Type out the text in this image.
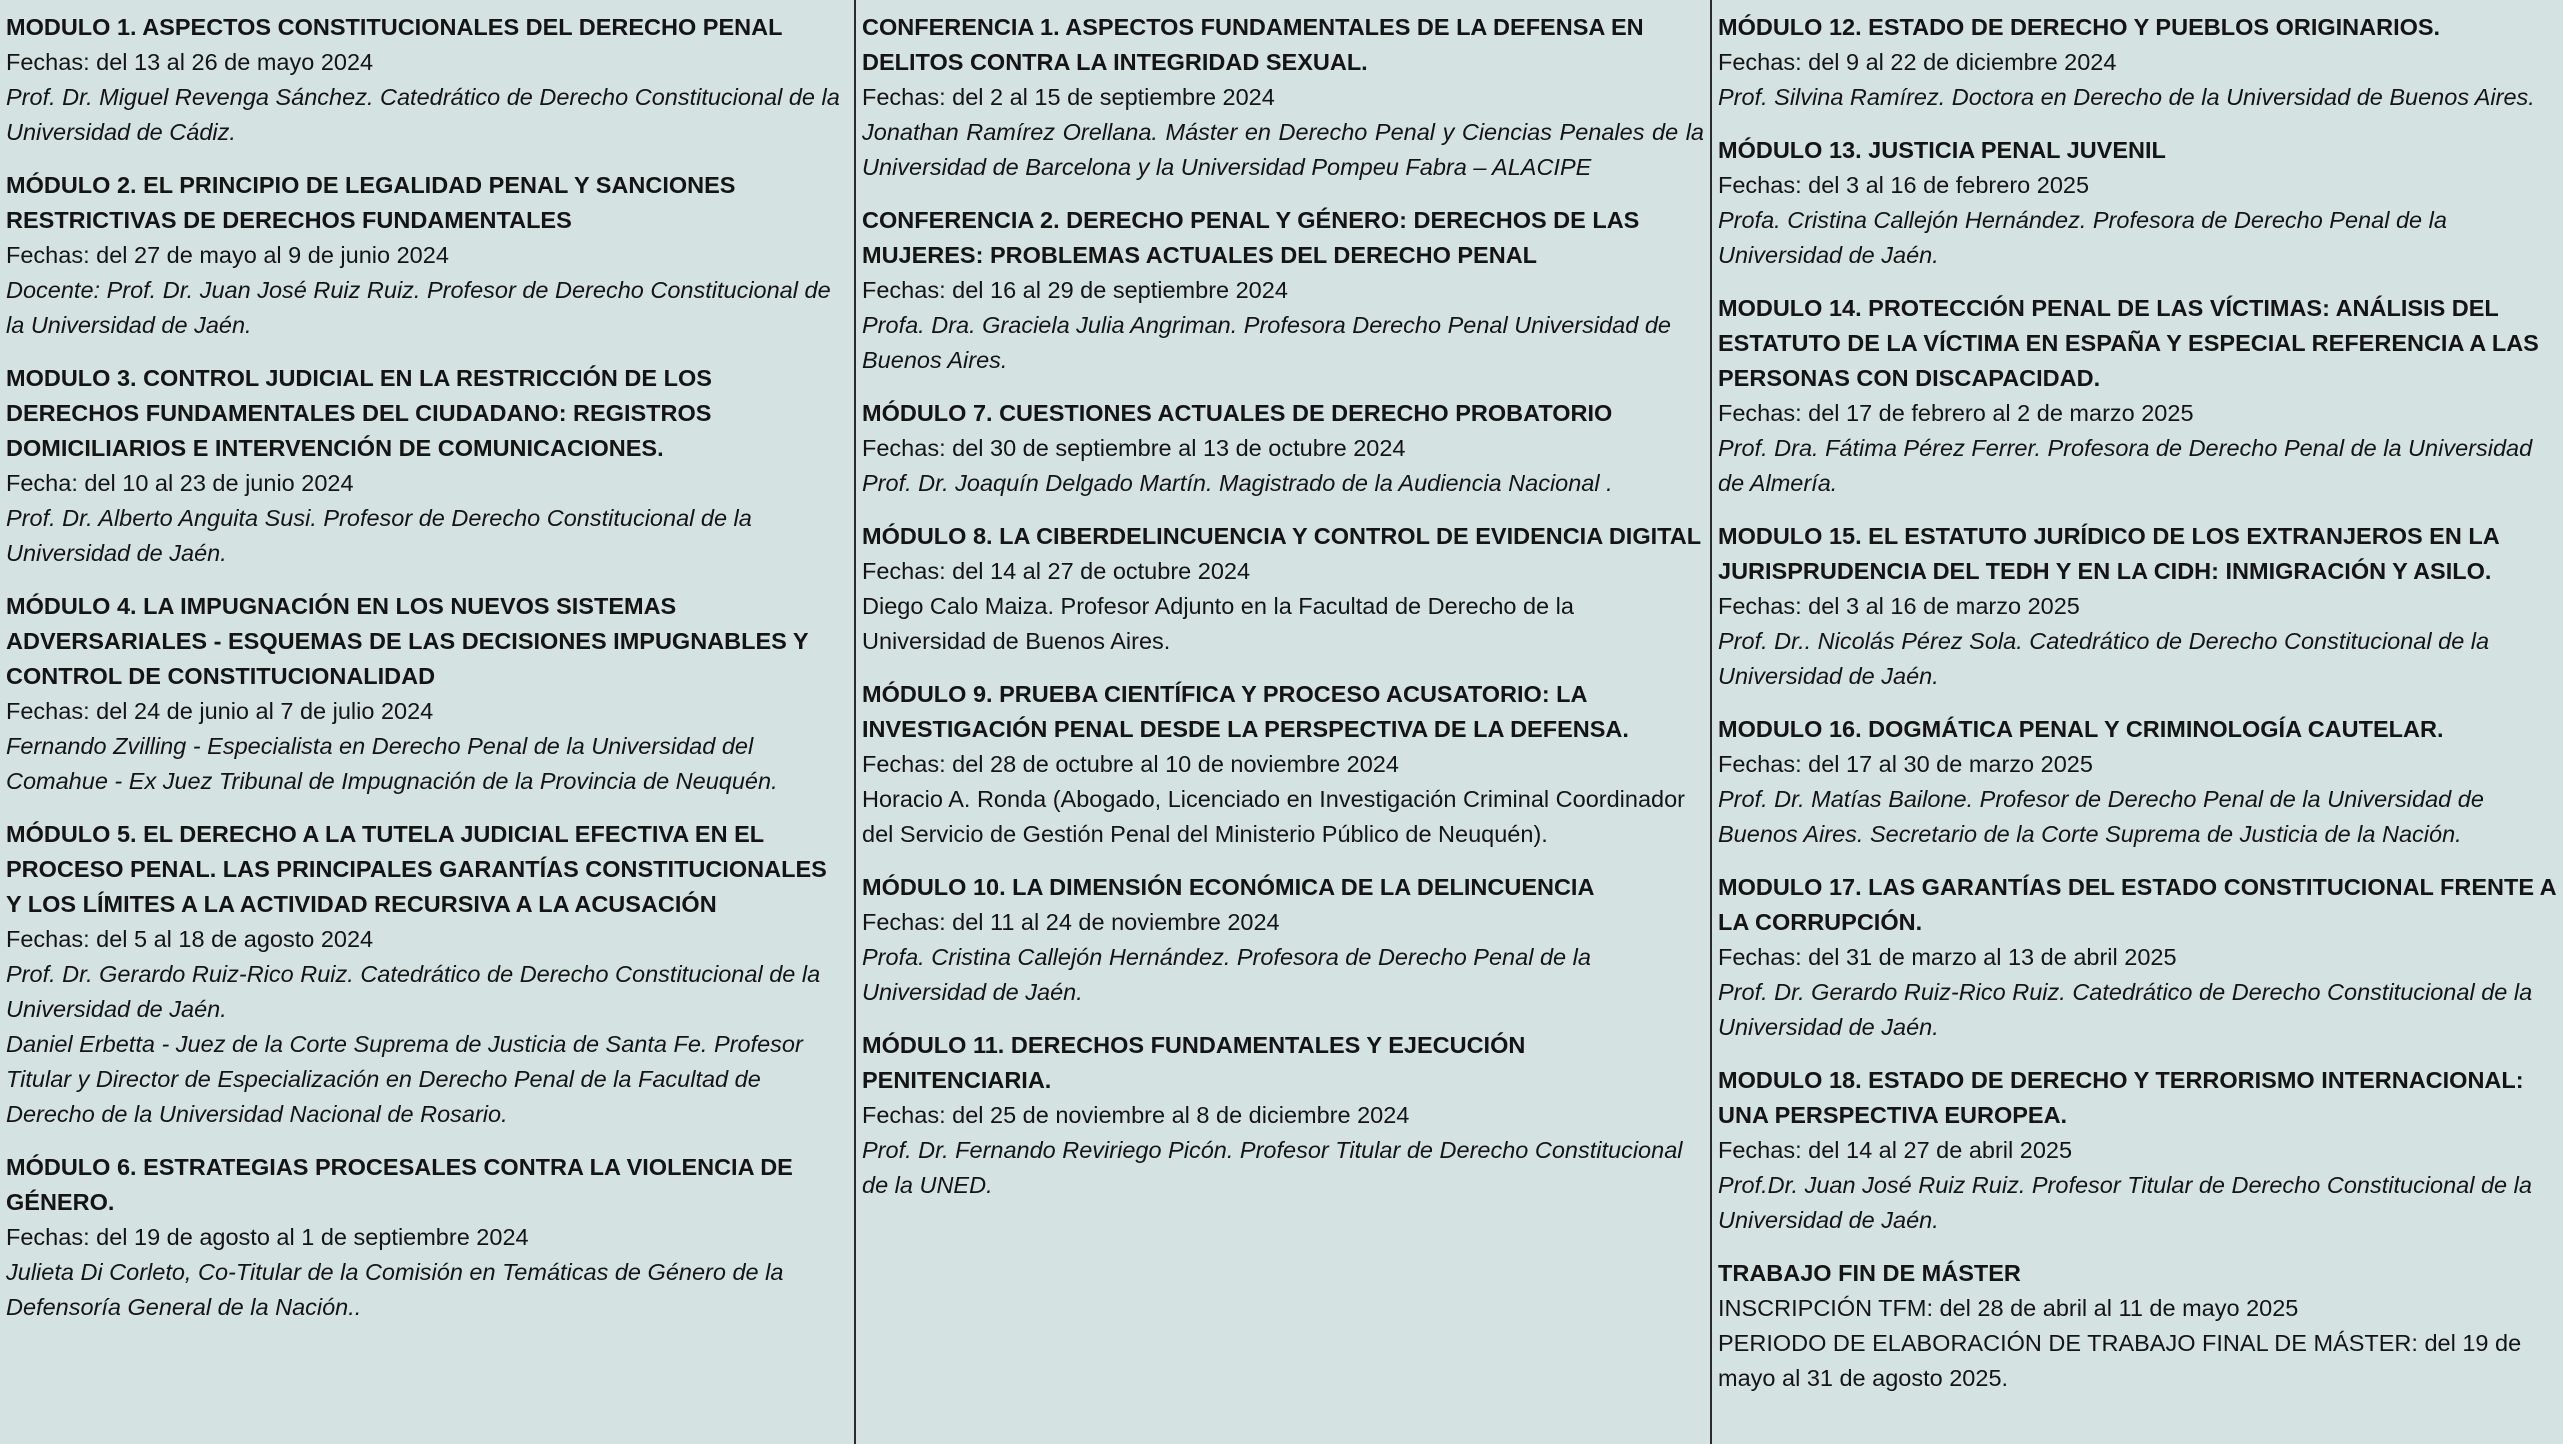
MODULO 1. ASPECTOS CONSTITUCIONALES DEL DERECHO PENAL

Fechas: del 13 al 26 de mayo 2024

Prof. Dr. Miguel Revenga Sánchez. Catedrático de Derecho Constitucional de la Universidad de Cádiz.

MÓDULO 2. EL PRINCIPIO DE LEGALIDAD PENAL Y SANCIONES RESTRICTIVAS DE DERECHOS FUNDAMENTALES

Fechas: del 27 de mayo al 9 de junio 2024

Docente: Prof. Dr. Juan José Ruiz Ruiz. Profesor de Derecho Constitucional de la Universidad de Jaén.

MODULO 3. CONTROL JUDICIAL EN LA RESTRICCIÓN DE LOS DERECHOS FUNDAMENTALES DEL CIUDADANO: REGISTROS DOMICILIARIOS E INTERVENCIÓN DE COMUNICACIONES.

Fecha: del 10 al 23 de junio 2024

Prof. Dr. Alberto Anguita Susi. Profesor de Derecho Constitucional de la Universidad de Jaén.

MÓDULO 4. LA IMPUGNACIÓN EN LOS NUEVOS SISTEMAS ADVERSARIALES - ESQUEMAS DE LAS DECISIONES IMPUGNABLES Y CONTROL DE CONSTITUCIONALIDAD

Fechas: del 24 de junio al 7 de julio 2024

Fernando Zvilling - Especialista en Derecho Penal de la Universidad del Comahue - Ex Juez Tribunal de Impugnación de la Provincia de Neuquén.

MÓDULO 5. EL DERECHO A LA TUTELA JUDICIAL EFECTIVA EN EL PROCESO PENAL. LAS PRINCIPALES GARANTÍAS CONSTITUCIONALES Y LOS LÍMITES A LA ACTIVIDAD RECURSIVA A LA ACUSACIÓN

Fechas: del 5 al 18 de agosto 2024

Prof. Dr. Gerardo Ruiz-Rico Ruiz. Catedrático de Derecho Constitucional de la Universidad de Jaén.

Daniel Erbetta - Juez de la Corte Suprema de Justicia de Santa Fe. Profesor Titular y Director de Especialización en Derecho Penal de la Facultad de Derecho de la Universidad Nacional de Rosario.

MÓDULO 6. ESTRATEGIAS PROCESALES CONTRA LA VIOLENCIA DE GÉNERO.

Fechas: del 19 de agosto al 1 de septiembre 2024

Julieta Di Corleto, Co-Titular de la Comisión en Temáticas de Género de la Defensoría General de la Nación..

CONFERENCIA 1. ASPECTOS FUNDAMENTALES DE LA DEFENSA EN DELITOS CONTRA LA INTEGRIDAD SEXUAL.

Fechas: del 2 al 15 de septiembre 2024

Jonathan Ramírez Orellana. Máster en Derecho Penal y Ciencias Penales de la Universidad de Barcelona y la Universidad Pompeu Fabra – ALACIPE

CONFERENCIA 2. DERECHO PENAL Y GÉNERO: DERECHOS DE LAS MUJERES: PROBLEMAS ACTUALES DEL DERECHO PENAL

Fechas: del 16 al 29 de septiembre 2024

Profa. Dra. Graciela Julia Angriman. Profesora Derecho Penal Universidad de Buenos Aires.

MÓDULO 7. CUESTIONES ACTUALES DE DERECHO PROBATORIO

Fechas: del 30 de septiembre al 13 de octubre 2024

Prof. Dr. Joaquín Delgado Martín. Magistrado de la Audiencia Nacional .

MÓDULO 8. LA CIBERDELINCUENCIA Y CONTROL DE EVIDENCIA DIGITAL

Fechas: del 14 al 27 de octubre 2024

Diego Calo Maiza. Profesor Adjunto en la Facultad de Derecho de la Universidad de Buenos Aires.

MÓDULO 9. PRUEBA CIENTÍFICA Y PROCESO ACUSATORIO: LA INVESTIGACIÓN PENAL DESDE LA PERSPECTIVA DE LA DEFENSA.

Fechas: del 28 de octubre al 10 de noviembre 2024

Horacio A. Ronda (Abogado, Licenciado en Investigación Criminal Coordinador del Servicio de Gestión Penal del Ministerio Público de Neuquén).

MÓDULO 10. LA DIMENSIÓN ECONÓMICA DE LA DELINCUENCIA

Fechas: del 11 al 24 de noviembre 2024

Profa. Cristina Callejón Hernández. Profesora de Derecho Penal de la Universidad de Jaén.

MÓDULO 11. DERECHOS FUNDAMENTALES Y EJECUCIÓN PENITENCIARIA.

Fechas: del 25 de noviembre al 8 de diciembre 2024

Prof. Dr. Fernando Reviriego Picón. Profesor Titular de Derecho Constitucional de la UNED.

MÓDULO 12. ESTADO DE DERECHO Y PUEBLOS ORIGINARIOS.

Fechas: del 9 al 22 de diciembre 2024

Prof. Silvina Ramírez. Doctora en Derecho de la Universidad de Buenos Aires.

MÓDULO 13. JUSTICIA PENAL JUVENIL

Fechas: del 3 al 16 de febrero 2025

Profa. Cristina Callejón Hernández. Profesora de Derecho Penal de la Universidad de Jaén.

MODULO 14. PROTECCIÓN PENAL DE LAS VÍCTIMAS: ANÁLISIS DEL ESTATUTO DE LA VÍCTIMA EN ESPAÑA Y ESPECIAL REFERENCIA A LAS PERSONAS CON DISCAPACIDAD.

Fechas: del 17 de febrero al 2 de marzo 2025

Prof. Dra. Fátima Pérez Ferrer. Profesora de Derecho Penal de la Universidad de Almería.

MODULO 15. EL ESTATUTO JURÍDICO DE LOS EXTRANJEROS EN LA JURISPRUDENCIA DEL TEDH Y EN LA CIDH: INMIGRACIÓN Y ASILO.

Fechas: del 3 al 16 de marzo 2025

Prof. Dr.. Nicolás Pérez Sola. Catedrático de Derecho Constitucional de la Universidad de Jaén.

MODULO 16. DOGMÁTICA PENAL Y CRIMINOLOGÍA CAUTELAR.

Fechas: del 17 al 30 de marzo 2025

Prof. Dr. Matías Bailone. Profesor de Derecho Penal de la Universidad de Buenos Aires. Secretario de la Corte Suprema de Justicia de la Nación.

MODULO 17. LAS GARANTÍAS DEL ESTADO CONSTITUCIONAL FRENTE A LA CORRUPCIÓN.

Fechas: del 31 de marzo al 13 de abril 2025

Prof. Dr. Gerardo Ruiz-Rico Ruiz. Catedrático de Derecho Constitucional de la Universidad de Jaén.

MODULO 18. ESTADO DE DERECHO Y TERRORISMO INTERNACIONAL: UNA PERSPECTIVA EUROPEA.

Fechas: del 14 al 27 de abril 2025

Prof.Dr. Juan José Ruiz Ruiz. Profesor Titular de Derecho Constitucional de la Universidad de Jaén.

TRABAJO FIN DE MÁSTER

INSCRIPCIÓN TFM: del 28 de abril al 11 de mayo 2025

PERIODO DE ELABORACIÓN DE TRABAJO FINAL DE MÁSTER: del 19 de mayo al 31 de agosto 2025.
